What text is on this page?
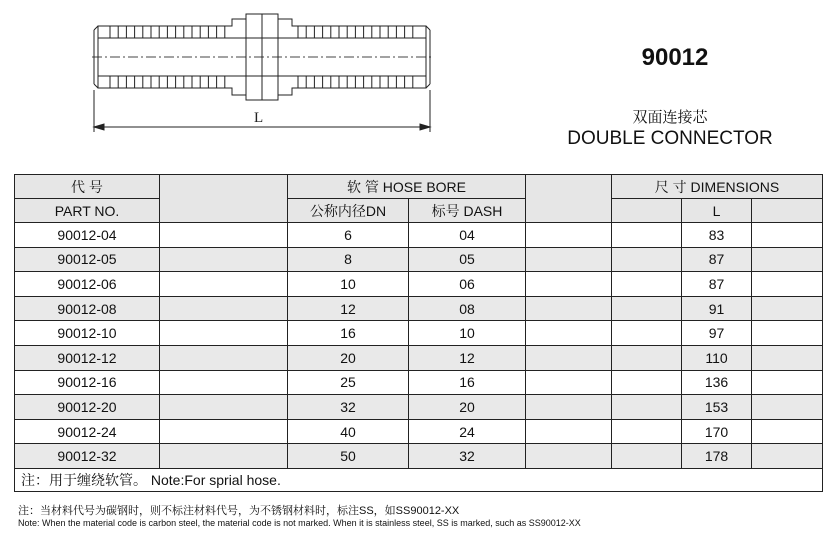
L
90012
双面连接芯
DOUBLE CONNECTOR
代 号		软 管 HOSE BORE			尺 寸 DIMENSIONS		
PART NO.		公称内径DN	标号 DASH			L	
90012-04		6	04			83	
90012-05		8	05			87	
90012-06		10	06			87	
90012-08		12	08			91	
90012-10		16	10			97	
90012-12		20	12			110	
90012-16		25	16			136	
90012-20		32	20			153	
90012-24		40	24			170	
90012-32		50	32			178	
注：用于缠绕软管。 Note:For sprial hose.							
注：当材料代号为碳钢时，则不标注材料代号，为不锈钢材料时，标注SS，如SS90012-XX
Note: When the material code is carbon steel, the material code is not marked. When it is stainless steel, SS is marked, such as SS90012-XX
